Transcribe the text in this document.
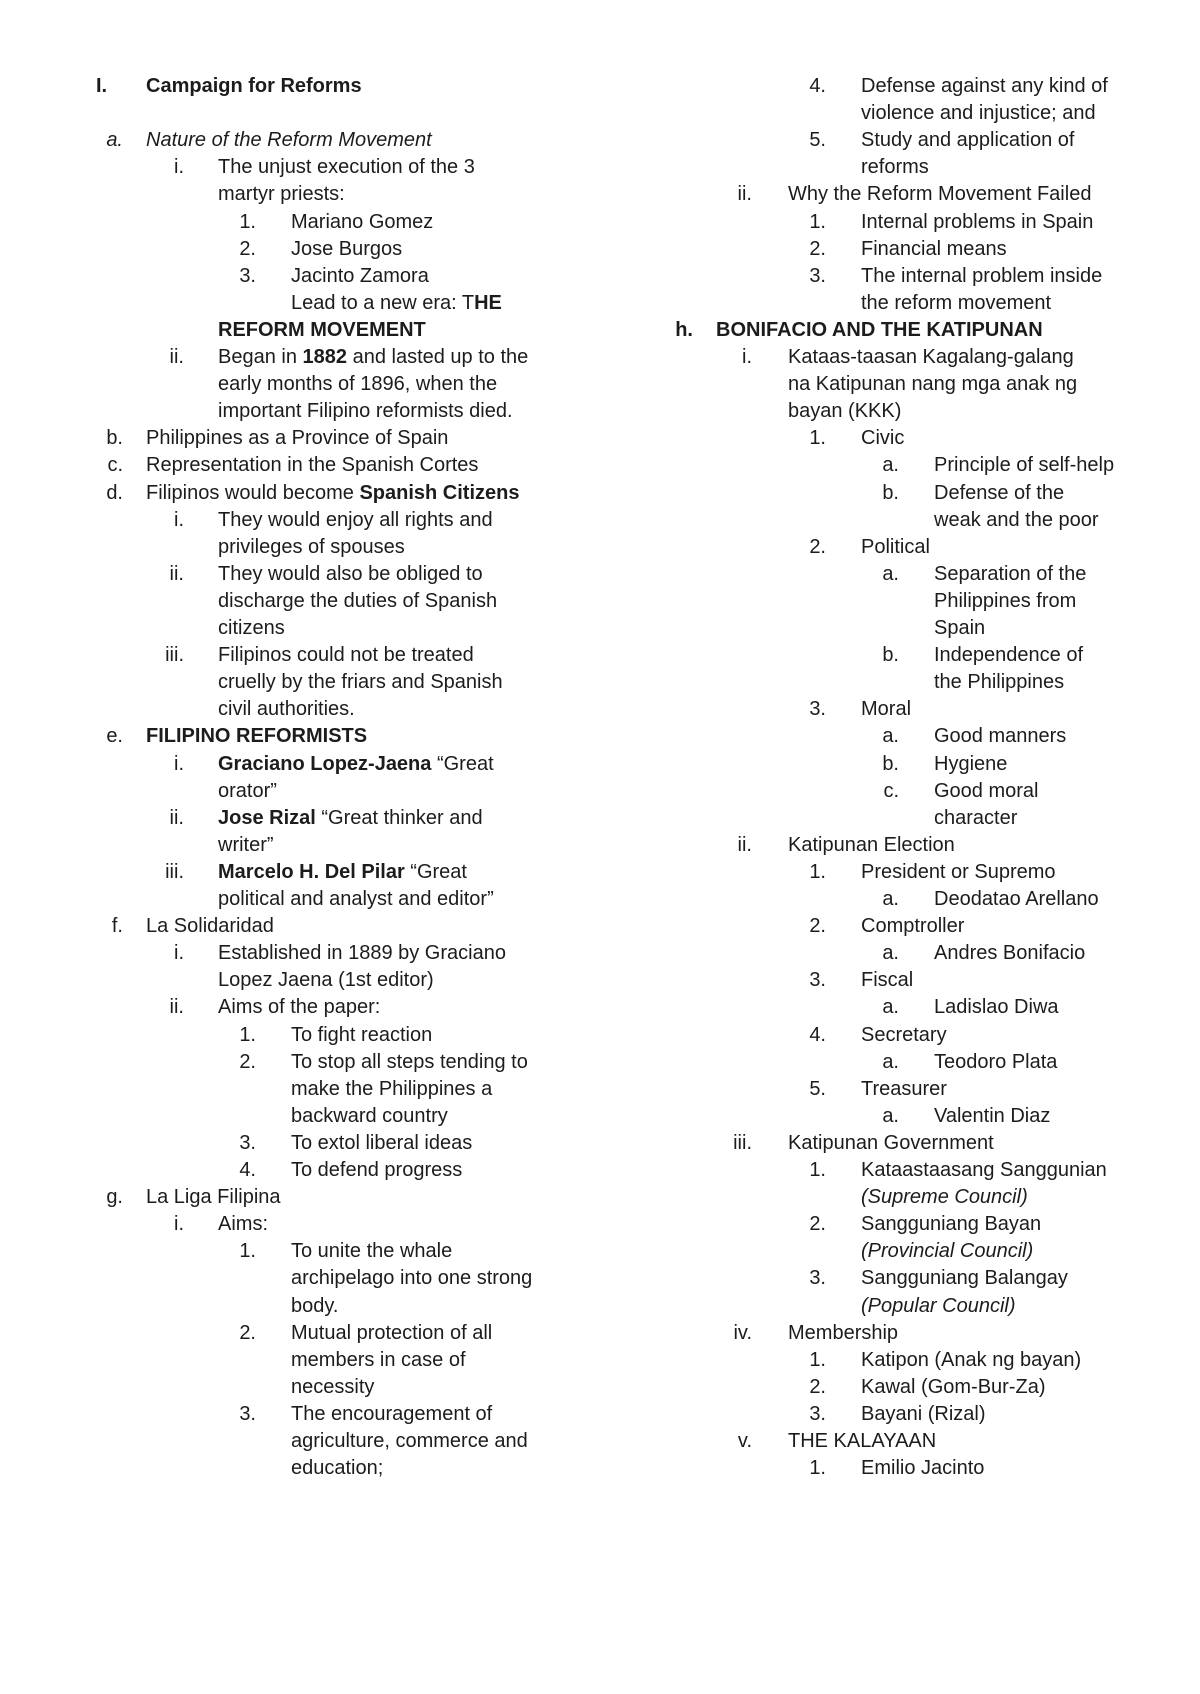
I.	Campaign for Reforms
a. Nature of the Reform Movement
i. The unjust execution of the 3
martyr priests:
1. Mariano Gomez
2. Jose Burgos
3. Jacinto Zamora
Lead to a new era: THE
REFORM MOVEMENT
ii. Began in 1882 and lasted up to the
early months of 1896, when the
important Filipino reformists died.
b. Philippines as a Province of Spain
c. Representation in the Spanish Cortes
d. Filipinos would become Spanish Citizens
i. They would enjoy all rights and
privileges of spouses
ii. They would also be obliged to
discharge the duties of Spanish
citizens
iii. Filipinos could not be treated
cruelly by the friars and Spanish
civil authorities.
e. FILIPINO REFORMISTS
i. Graciano Lopez-Jaena “Great
orator”
ii. Jose Rizal “Great thinker and
writer”
iii. Marcelo H. Del Pilar “Great
political and analyst and editor”
f. La Solidaridad
i. Established in 1889 by Graciano
Lopez Jaena (1st editor)
ii. Aims of the paper:
1. To fight reaction
2. To stop all steps tending to
make the Philippines a
backward country
3. To extol liberal ideas
4. To defend progress
g. La Liga Filipina
i. Aims:
1. To unite the whale
archipelago into one strong
body.
2. Mutual protection of all
members in case of
necessity
3. The encouragement of
agriculture, commerce and
education;
4. Defense against any kind of
violence and injustice; and
5. Study and application of
reforms
ii. Why the Reform Movement Failed
1. Internal problems in Spain
2. Financial means
3. The internal problem inside
the reform movement
h. BONIFACIO AND THE KATIPUNAN
i. Kataas-taasan Kagalang-galang
na Katipunan nang mga anak ng
bayan (KKK)
1. Civic
a. Principle of self-help
b. Defense of the
weak and the poor
2. Political
a. Separation of the
Philippines from
Spain
b. Independence of
the Philippines
3. Moral
a. Good manners
b. Hygiene
c. Good moral
character
ii. Katipunan Election
1. President or Supremo
a. Deodatao Arellano
2. Comptroller
a. Andres Bonifacio
3. Fiscal
a. Ladislao Diwa
4. Secretary
a. Teodoro Plata
5. Treasurer
a. Valentin Diaz
iii. Katipunan Government
1. Kataastaasang Sanggunian
(Supreme Council)
2. Sangguniang Bayan
(Provincial Council)
3. Sangguniang Balangay
(Popular Council)
iv. Membership
1. Katipon (Anak ng bayan)
2. Kawal (Gom-Bur-Za)
3. Bayani (Rizal)
v. THE KALAYAAN
1. Emilio Jacinto
